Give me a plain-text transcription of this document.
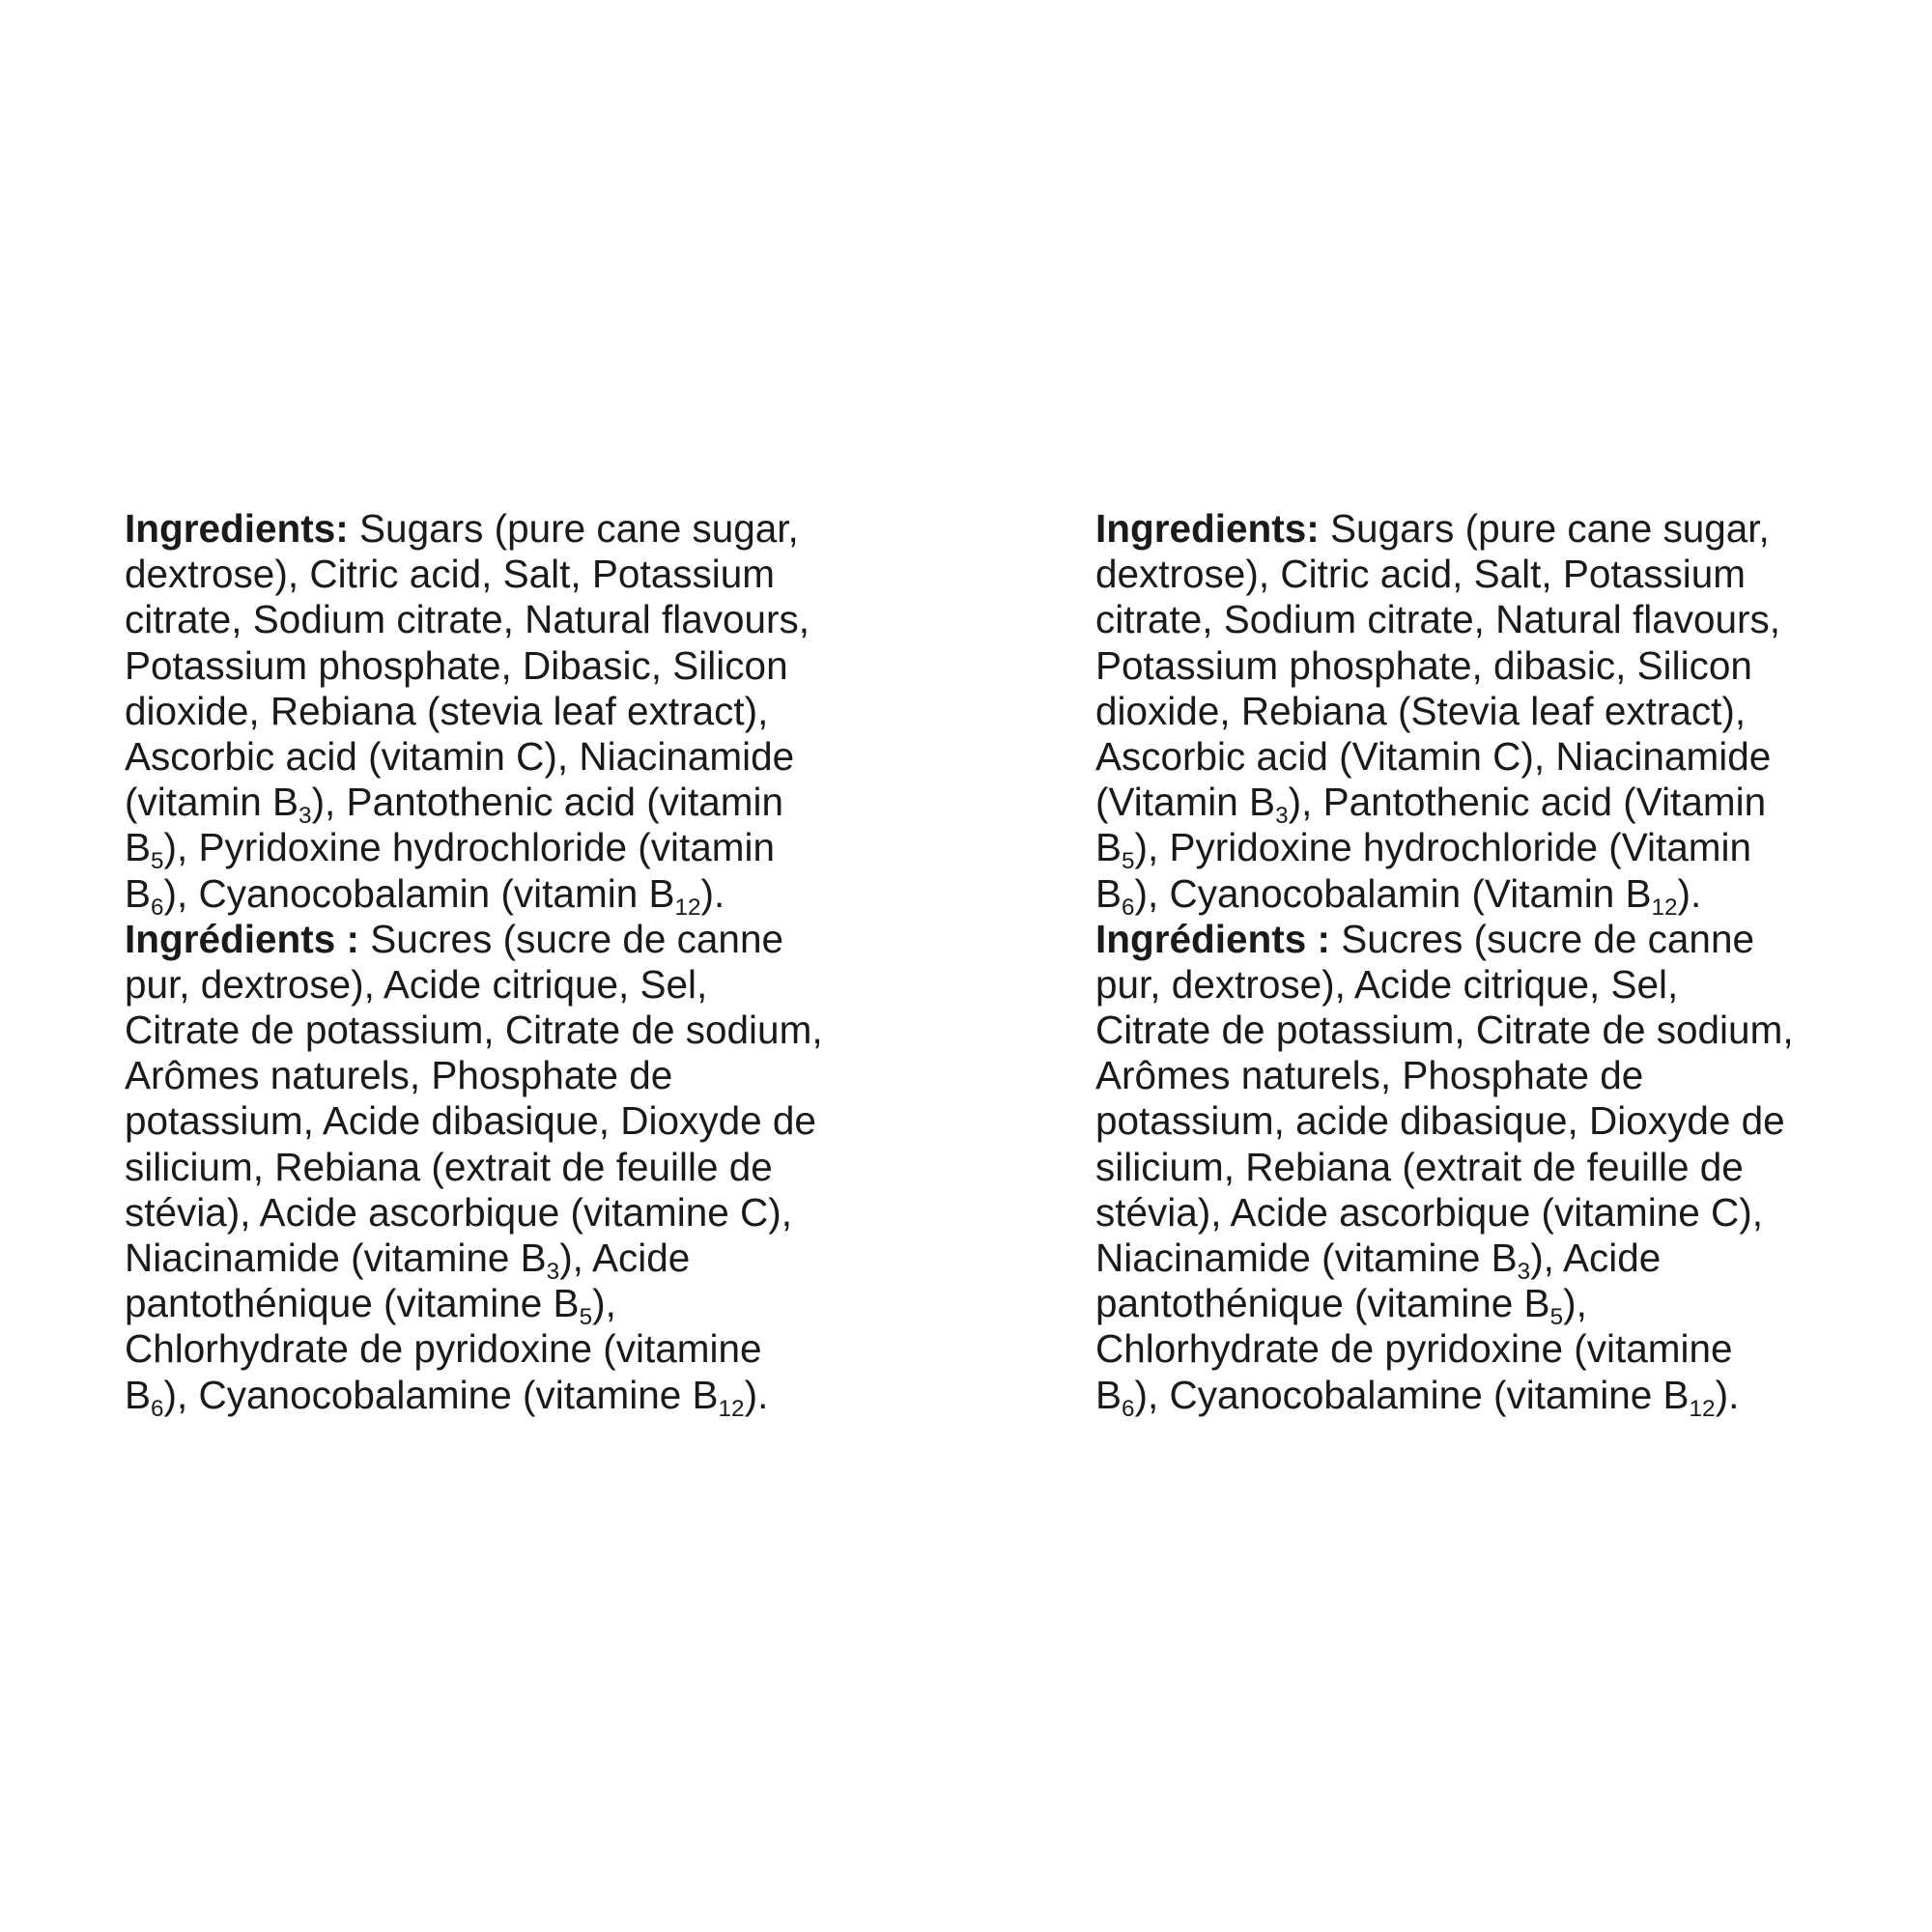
Ingredients: Sugars (pure cane sugar,
dextrose), Citric acid, Salt, Potassium
citrate, Sodium citrate, Natural flavours,
Potassium phosphate, Dibasic, Silicon
dioxide, Rebiana (stevia leaf extract),
Ascorbic acid (vitamin C), Niacinamide
(vitamin $B_3$), Pantothenic acid (vitamin
$B_5$), Pyridoxine hydrochloride (vitamin
$B_6$), Cyanocobalamin (vitamin $B_{12}$).
Ingrédients : Sucres (sucre de canne
pur, dextrose), Acide citrique, Sel,
Citrate de potassium, Citrate de sodium,
Arômes naturels, Phosphate de
potassium, Acide dibasique, Dioxyde de
silicium, Rebiana (extrait de feuille de
stévia), Acide ascorbique (vitamine C),
Niacinamide (vitamine $B_3$), Acide
pantothénique (vitamine $B_5$),
Chlorhydrate de pyridoxine (vitamine
$B_6$), Cyanocobalamine (vitamine $B_{12}$).
Ingredients: Sugars (pure cane sugar,
dextrose), Citric acid, Salt, Potassium
citrate, Sodium citrate, Natural flavours,
Potassium phosphate, dibasic, Silicon
dioxide, Rebiana (Stevia leaf extract),
Ascorbic acid (Vitamin C), Niacinamide
(Vitamin $B_3$), Pantothenic acid (Vitamin
$B_5$), Pyridoxine hydrochloride (Vitamin
$B_6$), Cyanocobalamin (Vitamin $B_{12}$).
Ingrédients : Sucres (sucre de canne
pur, dextrose), Acide citrique, Sel,
Citrate de potassium, Citrate de sodium,
Arômes naturels, Phosphate de
potassium, acide dibasique, Dioxyde de
silicium, Rebiana (extrait de feuille de
stévia), Acide ascorbique (vitamine C),
Niacinamide (vitamine $B_3$), Acide
pantothénique (vitamine $B_5$),
Chlorhydrate de pyridoxine (vitamine
$B_6$), Cyanocobalamine (vitamine $B_{12}$).
